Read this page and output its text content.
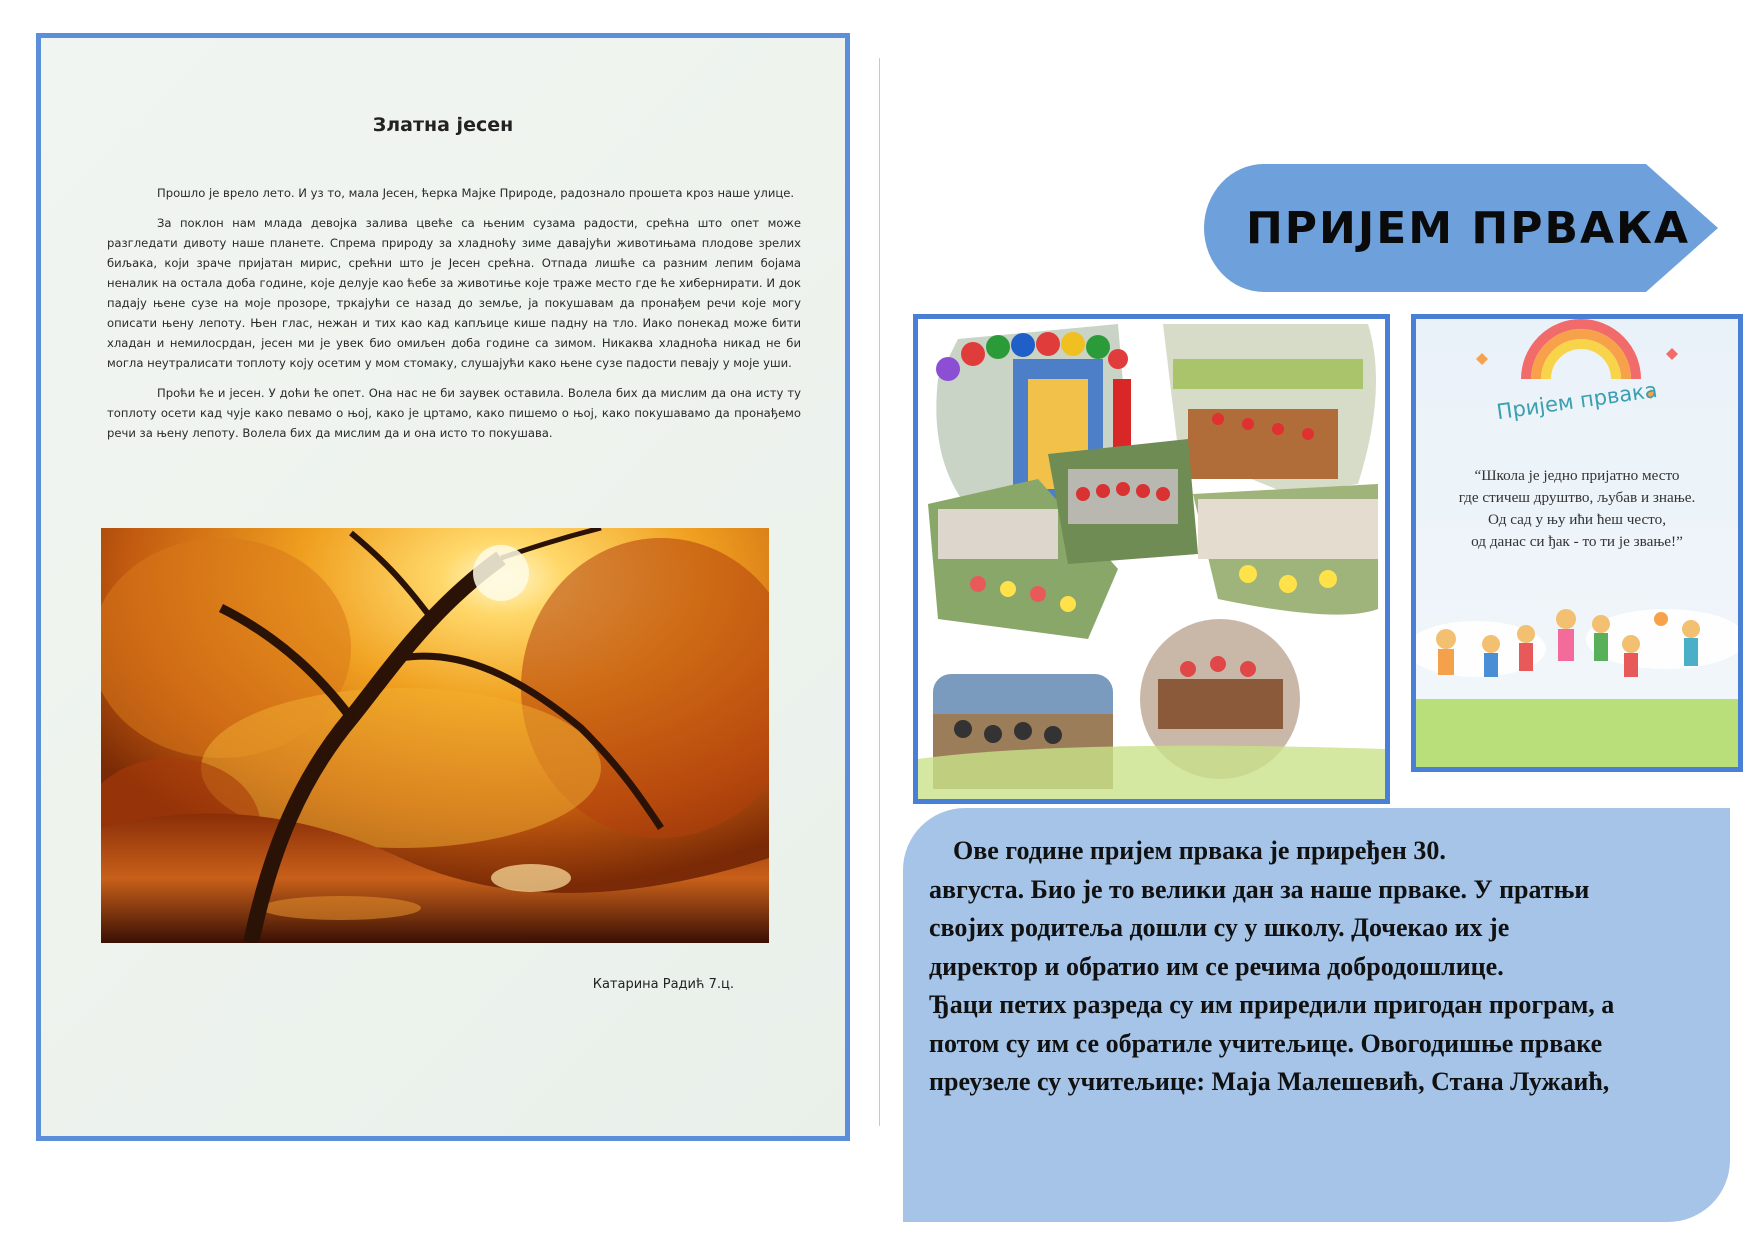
Златна јесен

Прошло је врело лето. И уз то, мала Јесен, ћерка Мајке Природе, радознало прошета кроз наше улице.

За поклон нам млада девојка залива цвеће са њеним сузама радости, срећна што опет може разгледати дивоту наше планете. Спрема природу за хладноћу зиме давајући животињама плодове зрелих биљака, који зраче пријатан мирис, срећни што је Јесен срећна. Отпада лишће са разним лепим бојама неналик на остала доба године, које делује као ћебе за животиње које траже место где ће хибернирати. И док падају њене сузе на моје прозоре, тркајући се назад до земље, ја покушавам да пронађем речи које могу описати њену лепоту. Њен глас, нежан и тих као кад капљице кише падну на тло. Иако понекад може бити хладан и немилосрдан, јесен ми је увек био омиљен доба године са зимом. Никаква хладноћа никад не би могла неутралисати топлоту коју осетим у мом стомаку, слушајући како њене сузе падости певају у моје уши.

Проћи ће и јесен. У доћи ће опет. Она нас не би заувек оставила. Волела бих да мислим да она исту ту топлоту осети кад чује како певамо о њој, како је цртамо, како пишемо о њој, како покушавамо да пронађемо речи за њену лепоту. Волела бих да мислим да и она исто то покушава.

Катарина Радић 7.ц.
ПРИЈЕМ ПРВАКА
Пријем првака
“Школа је једно пријатно место
где стичеш друштво, љубав и знање.
Од сад у њу ићи ћеш често,
од данас си ђак - то ти је звање!”
Ове године пријем првака је приређен 30.
августа. Био је то велики дан за наше прваке. У пратњи
својих родитеља дошли су у школу. Дочекао их је
директор и обратио им се речима добродошлице.
Ђаци петих разреда су им приредили пригодан програм, а
потом су им се обратиле учитељице. Овогодишње прваке
преузеле су учитељице: Маја Малешевић, Стана Лужаић,
